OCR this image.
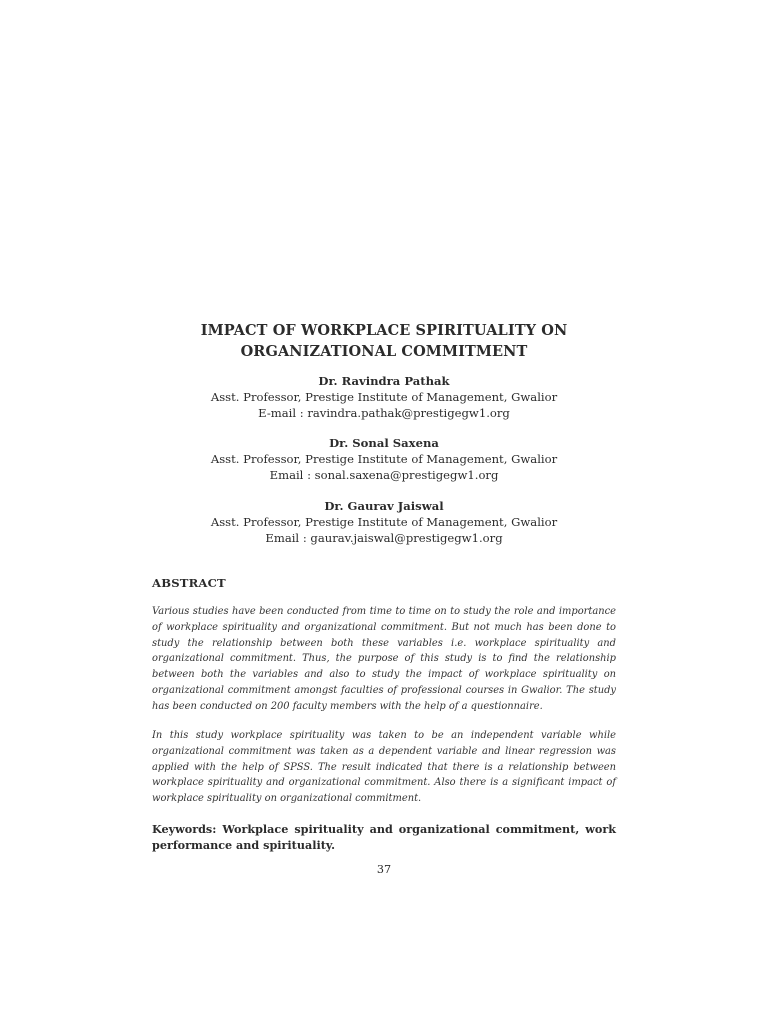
IMPACT OF WORKPLACE SPIRITUALITY ON
ORGANIZATIONAL COMMITMENT
Dr. Ravindra Pathak
Asst. Professor, Prestige Institute of Management, Gwalior
E-mail : ravindra.pathak@prestigegw1.org
Dr. Sonal Saxena
Asst. Professor, Prestige Institute of Management, Gwalior
Email : sonal.saxena@prestigegw1.org
Dr. Gaurav Jaiswal
Asst. Professor, Prestige Institute of Management, Gwalior
Email : gaurav.jaiswal@prestigegw1.org
ABSTRACT

Various studies have been conducted from time to time on to study the role and importance of workplace spirituality and organizational commitment. But not much has been done to study the relationship between both these variables i.e. workplace spirituality and organizational commitment. Thus, the purpose of this study is to find the relationship between both the variables and also to study the impact of workplace spirituality on organizational commitment amongst faculties of professional courses in Gwalior. The study has been conducted on 200 faculty members with the help of a questionnaire.

In this study workplace spirituality was taken to be an independent variable while organizational commitment was taken as a dependent variable and linear regression was applied with the help of SPSS. The result indicated that there is a relationship between workplace spirituality and organizational commitment. Also there is a significant impact of workplace spirituality on organizational commitment.

Keywords: Workplace spirituality and organizational commitment, work performance and spirituality.

37
